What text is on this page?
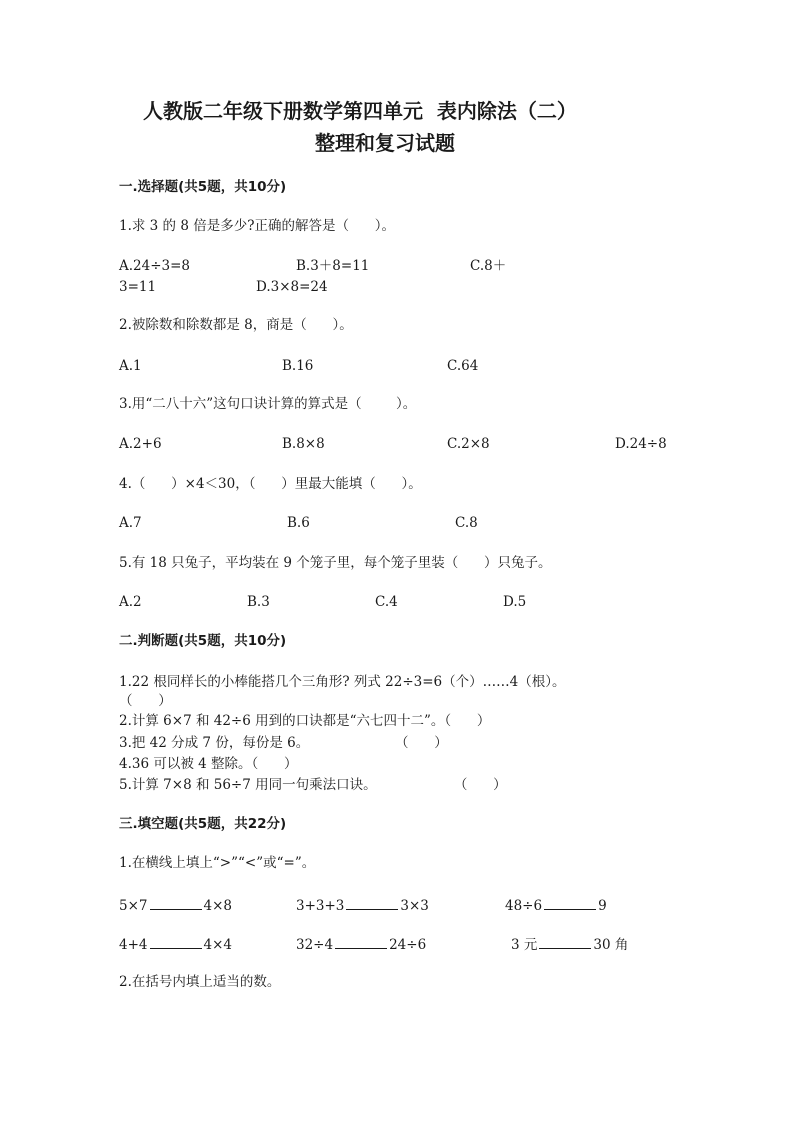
人教版二年级下册数学第四单元  表内除法（二）
整理和复习试题
一.选择题(共5题，共10分)
1.求 3 的 8 倍是多少?正确的解答是（      ）。
A.24÷3=8	B.3＋8=11	C.8＋
3=11	D.3×8=24
2.被除数和除数都是 8，商是（      ）。
A.1	B.16	C.64
3.用“二八十六”这句口诀计算的算式是（        ）。
A.2+6	B.8×8	C.2×8	D.24÷8
4.（      ）×4＜30，（      ）里最大能填（      ）。
A.7	B.6	C.8
5.有 18 只兔子，平均装在 9 个笼子里，每个笼子里装（      ）只兔子。
A.2	B.3	C.4	D.5
二.判断题(共5题，共10分)
1.22 根同样长的小棒能搭几个三角形? 列式 22÷3=6（个）……4（根）。
（      ）
2.计算 6×7 和 42÷6 用到的口诀都是“六七四十二”。（      ）
3.把 42 分成 7 份，每份是 6。                    （      ）
4.36 可以被 4 整除。（      ）
5.计算 7×8 和 56÷7 用同一句乘法口诀。                  （      ）
三.填空题(共5题，共22分)
1.在横线上填上“>”“<”或“=”。
5×7	4×8	3+3+3	3×3	48÷6	9
4+4	4×4	32÷4	24÷6	3 元	30 角
2.在括号内填上适当的数。
